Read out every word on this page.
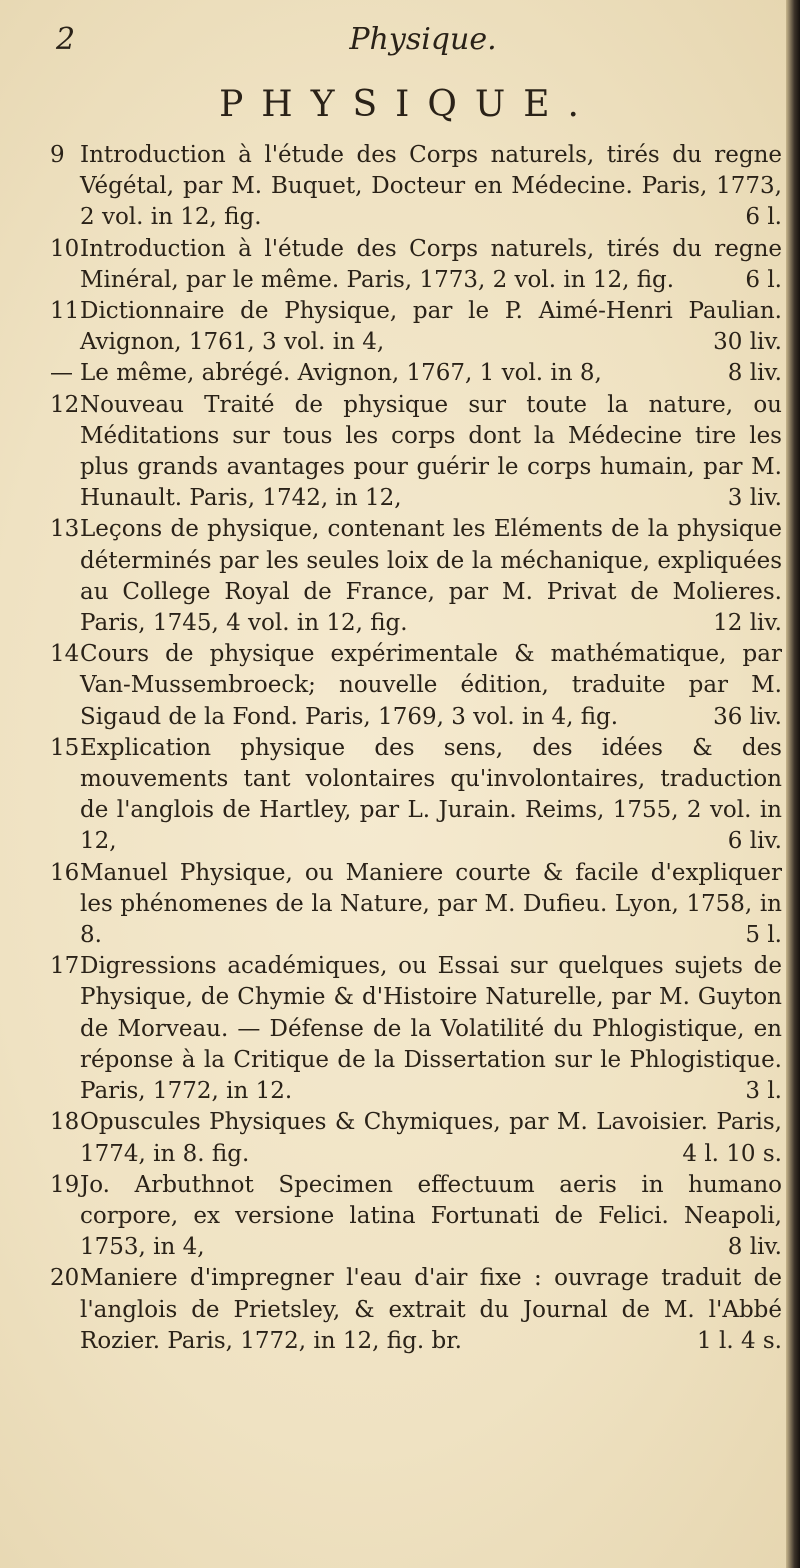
2	Physique.
PHYSIQUE.
9 Introduction à l'étude des Corps naturels, tirés du regne Végétal, par M. Buquet, Docteur en Médecine. Paris, 1773, 2 vol. in 12, fig.	6 l.
10 Introduction à l'étude des Corps naturels, tirés du regne Minéral, par le même. Paris, 1773, 2 vol. in 12, fig.	6 l.
11 Dictionnaire de Physique, par le P. Aimé-Henri Paulian. Avignon, 1761, 3 vol. in 4,	30 liv.
— Le même, abrégé. Avignon, 1767, 1 vol. in 8,	8 liv.
12 Nouveau Traité de physique sur toute la nature, ou Méditations sur tous les corps dont la Médecine tire les plus grands avantages pour guérir le corps humain, par M. Hunault. Paris, 1742, in 12,	3 liv.
13 Leçons de physique, contenant les Eléments de la physique déterminés par les seules loix de la méchanique, expliquées au College Royal de France, par M. Privat de Molieres. Paris, 1745, 4 vol. in 12, fig.	12 liv.
14 Cours de physique expérimentale & mathématique, par Van-Mussembroeck; nouvelle édition, traduite par M. Sigaud de la Fond. Paris, 1769, 3 vol. in 4, fig.	36 liv.
15 Explication physique des sens, des idées & des mouvements tant volontaires qu'involontaires, traduction de l'anglois de Hartley, par L. Jurain. Reims, 1755, 2 vol. in 12,	6 liv.
16 Manuel Physique, ou Maniere courte & facile d'expliquer les phénomenes de la Nature, par M. Dufieu. Lyon, 1758, in 8.	5 l.
17 Digressions académiques, ou Essai sur quelques sujets de Physique, de Chymie & d'Histoire Naturelle, par M. Guyton de Morveau. — Défense de la Volatilité du Phlogistique, en réponse à la Critique de la Dissertation sur le Phlogistique. Paris, 1772, in 12.	3 l.
18 Opuscules Physiques & Chymiques, par M. Lavoisier. Paris, 1774, in 8. fig.	4 l. 10 s.
19 Jo. Arbuthnot Specimen effectuum aeris in humano corpore, ex versione latina Fortunati de Felici. Neapoli, 1753, in 4,	8 liv.
20 Maniere d'impregner l'eau d'air fixe : ouvrage traduit de l'anglois de Prietsley, & extrait du Journal de M. l'Abbé Rozier. Paris, 1772, in 12, fig. br.	1 l. 4 s.
